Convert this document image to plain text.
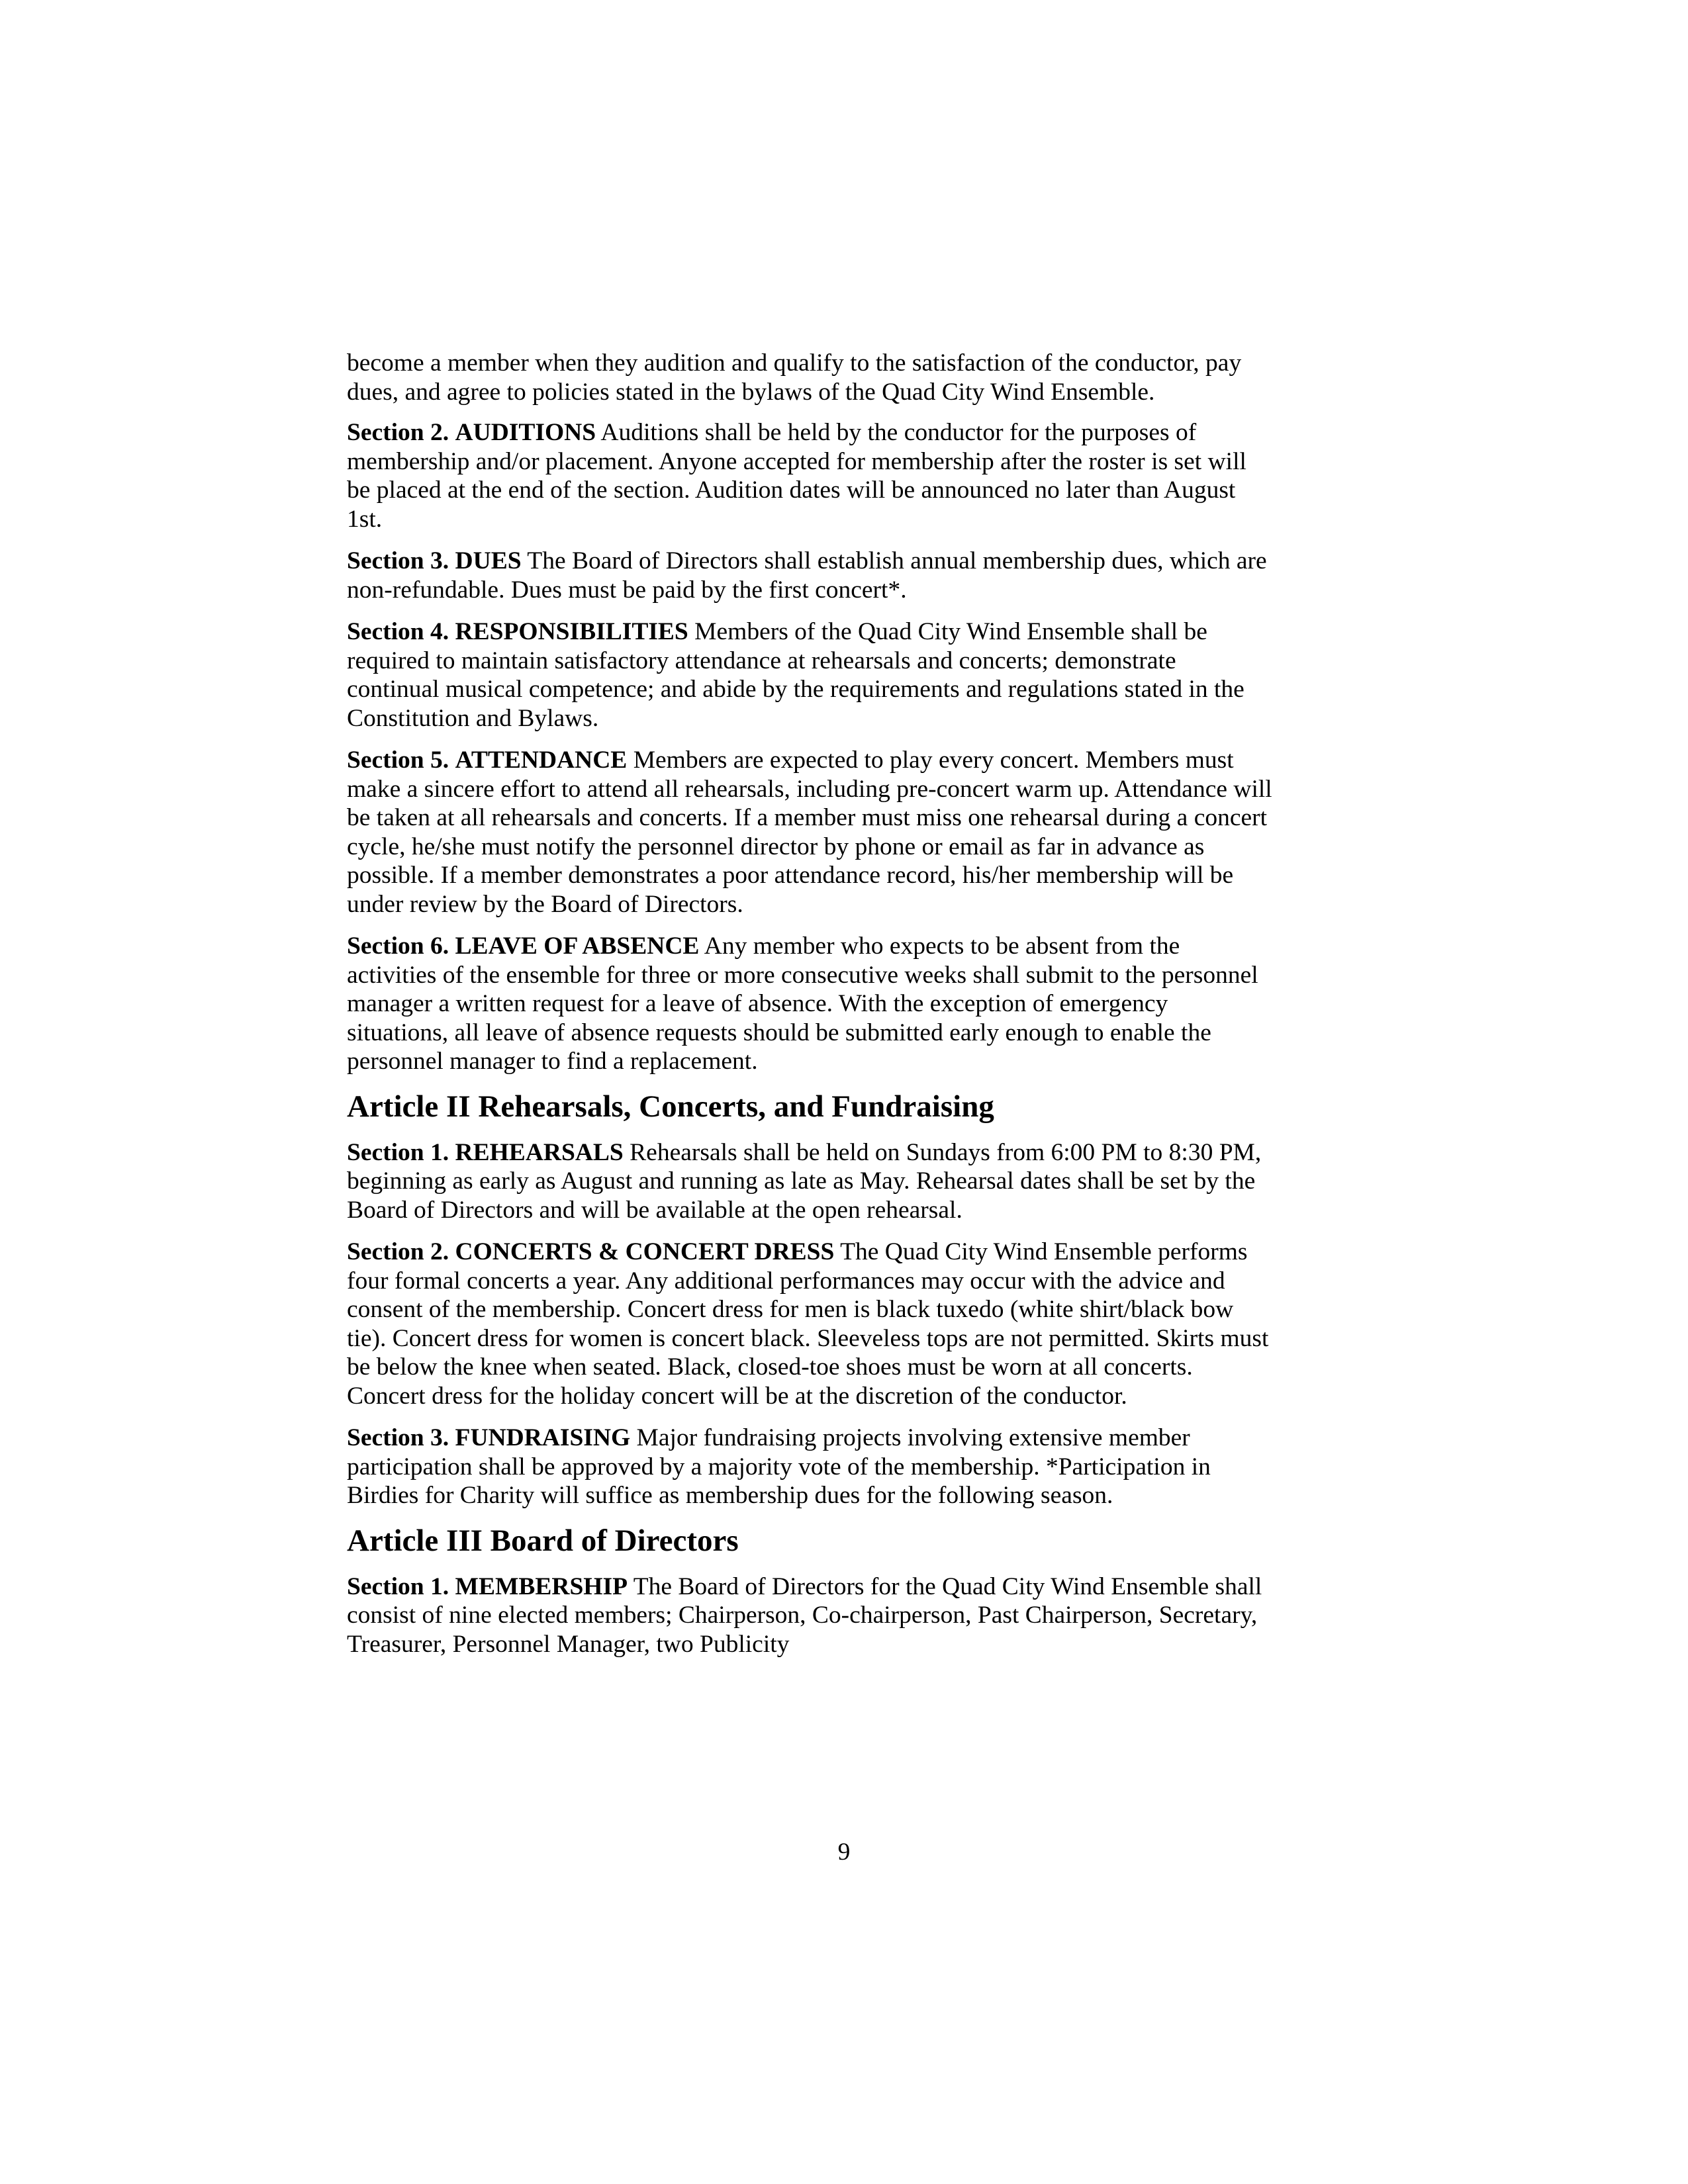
become a member when they audition and qualify to the satisfaction of the conductor, pay dues, and agree to policies stated in the bylaws of the Quad City Wind Ensemble.

Section 2. AUDITIONS Auditions shall be held by the conductor for the purposes of membership and/or placement. Anyone accepted for membership after the roster is set will be placed at the end of the section. Audition dates will be announced no later than August 1st.

Section 3. DUES The Board of Directors shall establish annual membership dues, which are non-refundable. Dues must be paid by the first concert*.

Section 4. RESPONSIBILITIES Members of the Quad City Wind Ensemble shall be required to maintain satisfactory attendance at rehearsals and concerts; demonstrate continual musical competence; and abide by the requirements and regulations stated in the Constitution and Bylaws.

Section 5. ATTENDANCE Members are expected to play every concert. Members must make a sincere effort to attend all rehearsals, including pre-concert warm up. Attendance will be taken at all rehearsals and concerts. If a member must miss one rehearsal during a concert cycle, he/she must notify the personnel director by phone or email as far in advance as possible. If a member demonstrates a poor attendance record, his/her membership will be under review by the Board of Directors.

Section 6. LEAVE OF ABSENCE Any member who expects to be absent from the activities of the ensemble for three or more consecutive weeks shall submit to the personnel manager a written request for a leave of absence. With the exception of emergency situations, all leave of absence requests should be submitted early enough to enable the personnel manager to find a replacement.

Article II Rehearsals, Concerts, and Fundraising

Section 1. REHEARSALS Rehearsals shall be held on Sundays from 6:00 PM to 8:30 PM, beginning as early as August and running as late as May. Rehearsal dates shall be set by the Board of Directors and will be available at the open rehearsal.

Section 2. CONCERTS & CONCERT DRESS The Quad City Wind Ensemble performs four formal concerts a year. Any additional performances may occur with the advice and consent of the membership. Concert dress for men is black tuxedo (white shirt/black bow tie). Concert dress for women is concert black. Sleeveless tops are not permitted. Skirts must be below the knee when seated. Black, closed-toe shoes must be worn at all concerts. Concert dress for the holiday concert will be at the discretion of the conductor.

Section 3. FUNDRAISING Major fundraising projects involving extensive member participation shall be approved by a majority vote of the membership. *Participation in Birdies for Charity will suffice as membership dues for the following season.

Article III Board of Directors

Section 1. MEMBERSHIP The Board of Directors for the Quad City Wind Ensemble shall consist of nine elected members; Chairperson, Co-chairperson, Past Chairperson, Secretary, Treasurer, Personnel Manager, two Publicity

9
